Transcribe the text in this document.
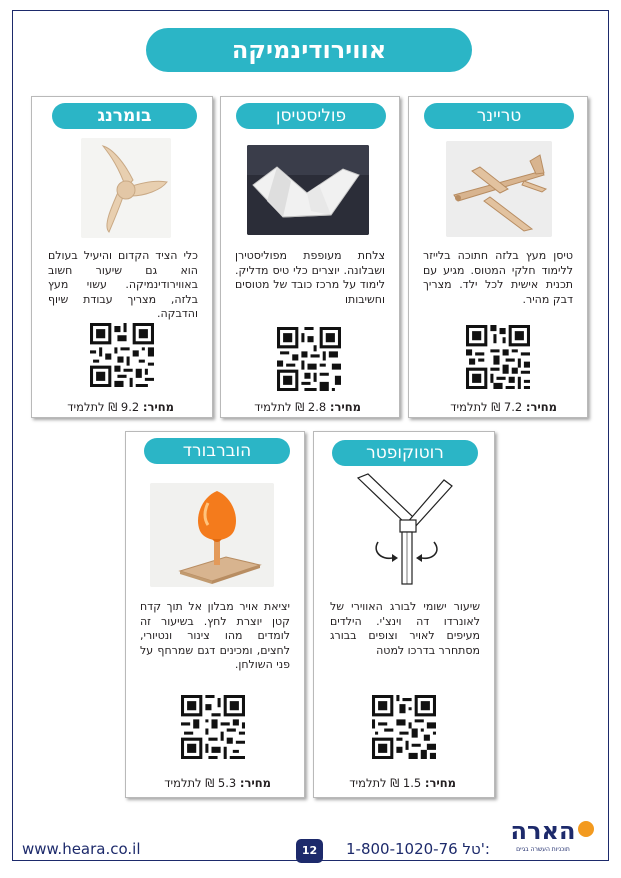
אווירודינמיקה
טריינר
טיסן מעץ בלזה חתוכה בלייזר ללימוד חלקי המטוס. מגיע עם תכנית אישית לכל ילד. מצריך דבק מהיר.
מחיר: 7.2 ₪ לתלמיד
פוליסטיסן
צלחת מעופפת מפוליסטירן ושבלונה. יוצרים כלי טיס מדליק. לימוד על מרכז כובד של מטוסים וחשיבותו
מחיר: 2.8 ₪ לתלמיד
בומרנג
כלי הציד הקדום והיעיל בעולם הוא גם שיעור חשוב באווירודינמיקה. עשוי מעץ בלזה, מצריך עבודת שיוף והדבקה.
מחיר: 9.2 ₪ לתלמיד
רוטוקופטר
שיעור ישומי לבורג האווירי של לאונרדו דה וינצ'י. הילדים מעיפים לאויר וצופים בבורג מסתחרר בדרכו למטה
מחיר: 1.5 ₪ לתלמיד
הוברבורד
יציאת אויר מבלון אל תוך קדח קטן יוצרת לחץ. בשיעור זה לומדים מהו צינור ונטיורי, לחצים, ומכינים דגם שמרחף על פני השולחן.
מחיר: 5.3 ₪ לתלמיד
www.heara.co.il	12	1-800-1020-76 טל':
הארה
תוכניות העשרה בגיים
